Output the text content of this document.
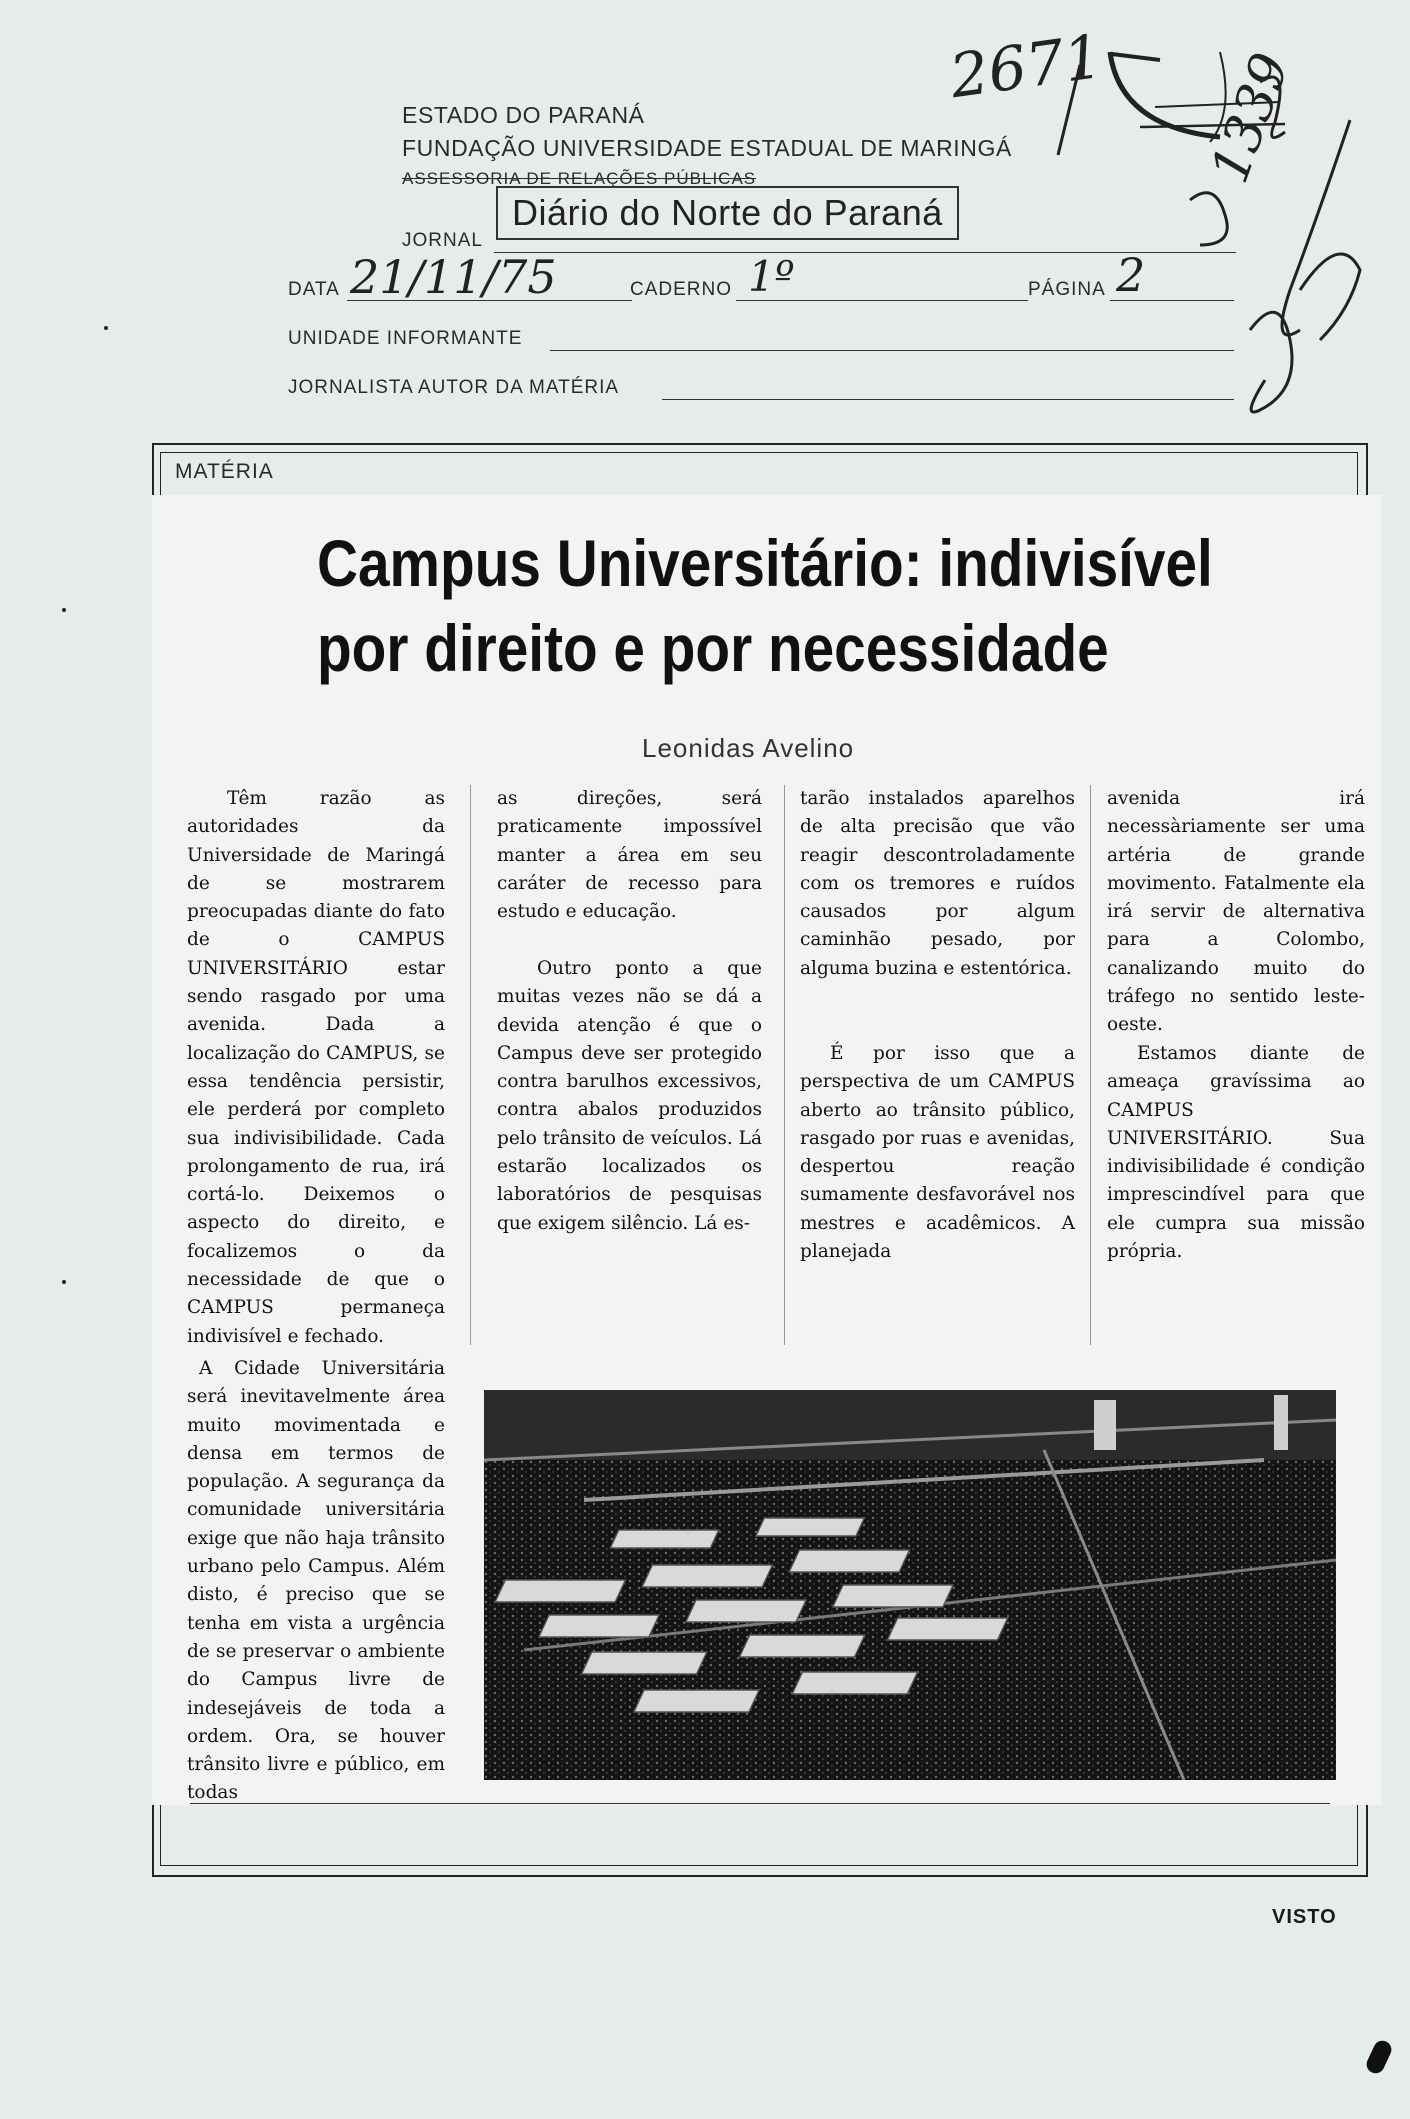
ESTADO DO PARANÁ
FUNDAÇÃO UNIVERSIDADE ESTADUAL DE MARINGÁ
ASSESSORIA DE RELAÇÕES PÚBLICAS
JORNAL
Diário do Norte do Paraná
DATA 21/11/75	CADERNO 1º	PÁGINA 2
UNIDADE INFORMANTE
JORNALISTA AUTOR DA MATÉRIA
2671 1339
MATÉRIA
Campus Universitário: indivisível
por direito e por necessidade
Leonidas Avelino
Têm razão as autoridades da Universidade de Maringá de se mostrarem preocupadas diante do fato de o CAMPUS UNIVERSITÁRIO estar sendo rasgado por uma avenida. Dada a localização do CAMPUS, se essa tendência persistir, ele perderá por completo sua indivisibilidade. Cada prolongamento de rua, irá cortá-lo. Deixemos o aspecto do direito, e focalizemos o da necessidade de que o CAMPUS permaneça indivisível e fechado.
A Cidade Universitária será inevitavelmente área muito movimentada e densa em termos de população. A segurança da comunidade universitária exige que não haja trânsito urbano pelo Campus. Além disto, é preciso que se tenha em vista a urgência de se preservar o ambiente do Campus livre de indesejáveis de toda a ordem. Ora, se houver trânsito livre e público, em todas
as direções, será praticamente impossível manter a área em seu caráter de recesso para estudo e educação.
Outro ponto a que muitas vezes não se dá a devida atenção é que o Campus deve ser protegido contra barulhos excessivos, contra abalos produzidos pelo trânsito de veículos. Lá estarão localizados os laboratórios de pesquisas que exigem silêncio. Lá es-
tarão instalados aparelhos de alta precisão que vão reagir descontroladamente com os tremores e ruídos causados por algum caminhão pesado, por alguma buzina e estentórica.
É por isso que a perspectiva de um CAMPUS aberto ao trânsito público, rasgado por ruas e avenidas, despertou reação sumamente desfavorável nos mestres e acadêmicos. A planejada
avenida irá necessàriamente ser uma artéria de grande movimento. Fatalmente ela irá servir de alternativa para a Colombo, canalizando muito do tráfego no sentido leste-oeste.
Estamos diante de ameaça gravíssima ao CAMPUS UNIVERSITÁRIO. Sua indivisibilidade é condição imprescindível para que ele cumpra sua missão própria.
VISTO
